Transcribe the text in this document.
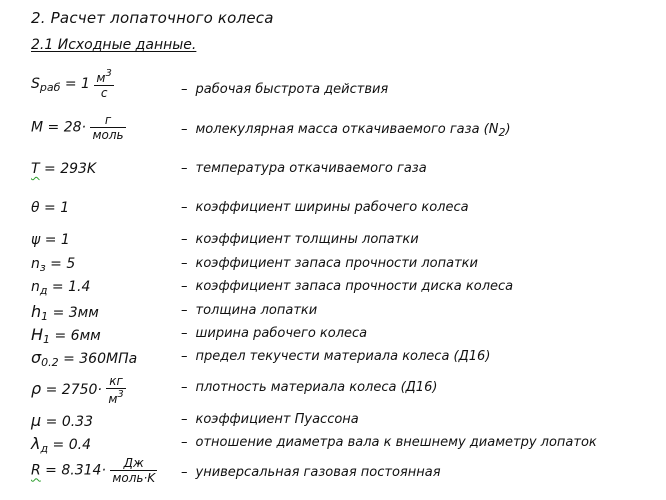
2. Расчет лопаточного колеса
2.1 Исходные данные.
$S_{раб} = 1 \frac{м^3}{с}$	– рабочая быстрота действия
$M = 28\cdot \frac{г}{\text{моль}}$	– молекулярная масса откачиваемого газа $(N_2)$
T = 293K	– температура откачиваемого газа
θ = 1	– коэффициент ширины рабочего колеса
ψ = 1	– коэффициент толщины лопатки
$n_з = 5$	– коэффициент запаса прочности лопатки
$n_д = 1.4$	– коэффициент запаса прочности диска колеса
$h_1 = 3мм$	– толщина лопатки
$H_1 = 6мм$	– ширина рабочего колеса
$\sigma_{0.2} = 360МПа$	– предел текучести материала колеса (Д16)
$\rho = 2750\cdot \frac{кг}{м^3}$	– плотность материала колеса (Д16)
μ = 0.33	– коэффициент Пуассона
$\lambda_д = 0.4$	– отношение диаметра вала к внешнему диаметру лопаток
$R = 8.314\cdot \frac{Дж}{\text{моль·K}}$ – универсальная газовая постоянная
